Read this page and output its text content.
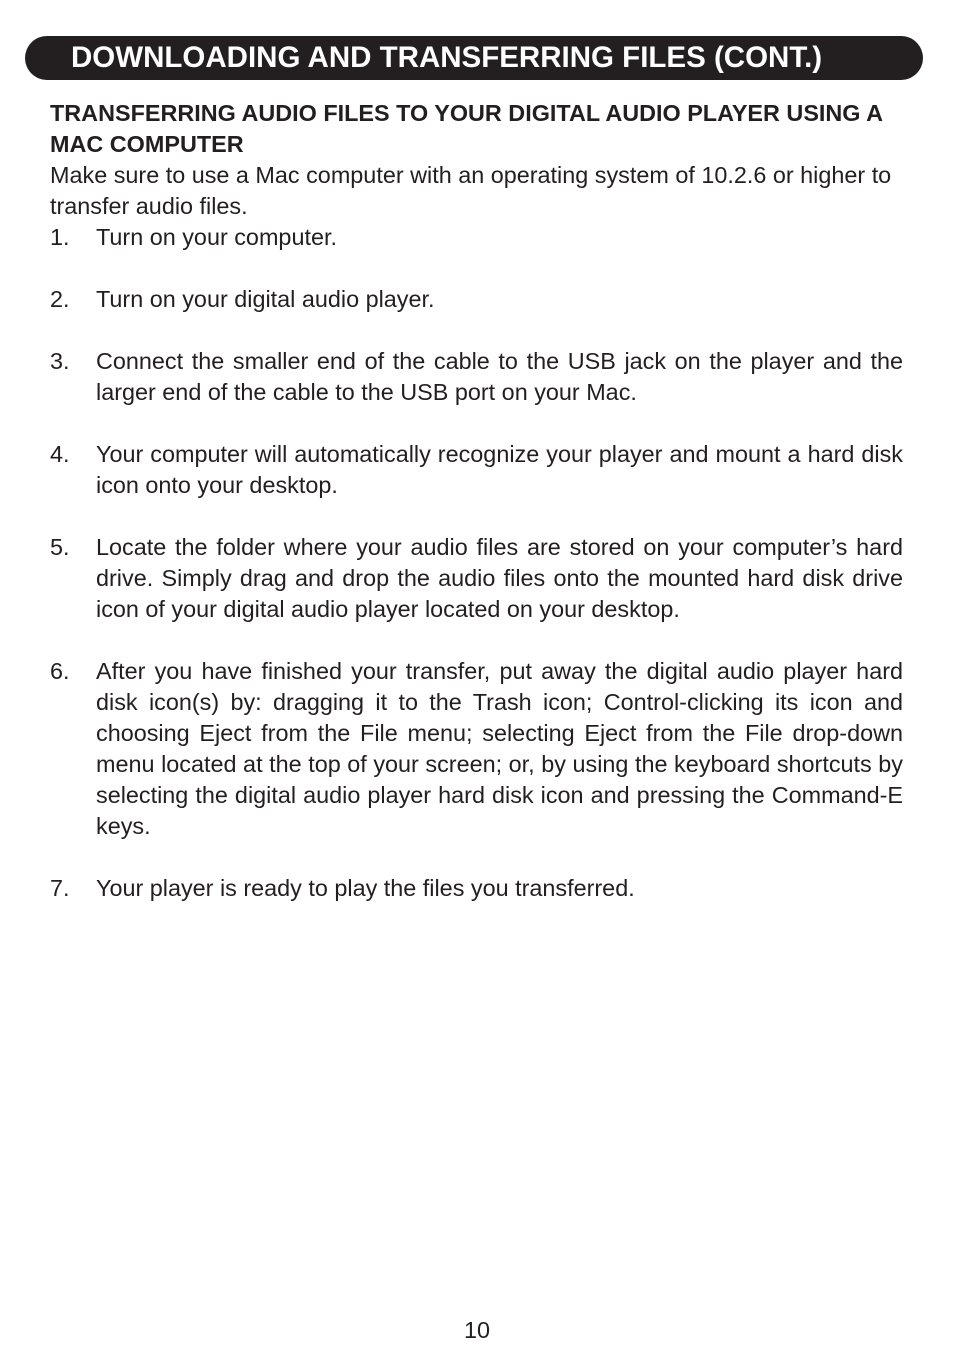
DOWNLOADING AND TRANSFERRING FILES (CONT.)
TRANSFERRING AUDIO FILES TO YOUR DIGITAL AUDIO PLAYER USING A MAC COMPUTER

Make sure to use a Mac computer with an operating system of 10.2.6 or higher to transfer audio files.

1. Turn on your computer.
2. Turn on your digital audio player.
3. Connect the smaller end of the cable to the USB jack on the player and the larger end of the cable to the USB port on your Mac.
4. Your computer will automatically recognize your player and mount a hard disk icon onto your desktop.
5. Locate the folder where your audio files are stored on your computer’s hard drive. Simply drag and drop the audio files onto the mounted hard disk drive icon of your digital audio player located on your desktop.
6. After you have finished your transfer, put away the digital audio player hard disk icon(s) by: dragging it to the Trash icon; Control-clicking its icon and choosing Eject from the File menu; selecting Eject from the File drop-down menu located at the top of your screen; or, by using the keyboard shortcuts by selecting the digital audio player hard disk icon and pressing the Command-E keys.
7. Your player is ready to play the files you transferred.
10
